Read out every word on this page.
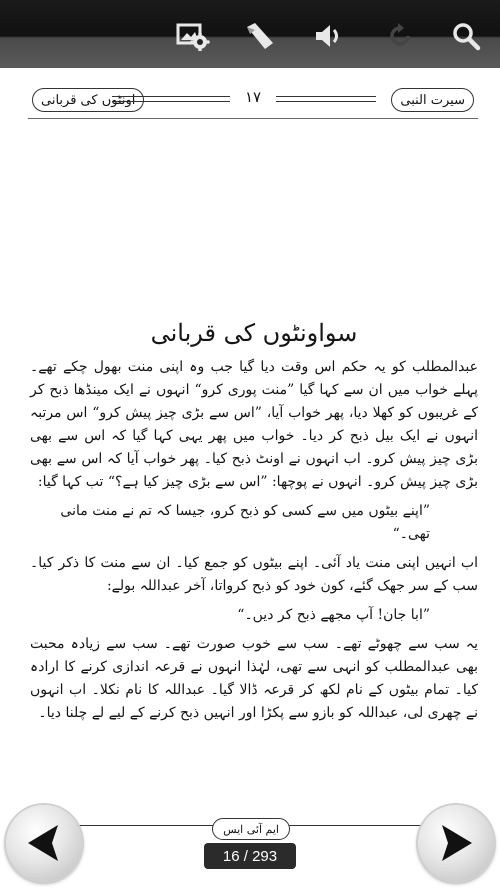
اونٹوں کی قربانی	۱۷	سیرت النبی
سواونٹوں کی قربانی

عبدالمطلب کو یہ حکم اس وقت دیا گیا جب وہ اپنی منت بھول چکے تھے۔ پہلے خواب میں ان سے کہا گیا ”منت پوری کرو“ انہوں نے ایک مینڈھا ذبح کر کے غریبوں کو کھلا دیا، پھر خواب آیا، ”اس سے بڑی چیز پیش کرو“ اس مرتبہ انہوں نے ایک بیل ذبح کر دیا۔ خواب میں پھر یہی کہا گیا کہ اس سے بھی بڑی چیز پیش کرو۔ اب انہوں نے اونٹ ذبح کیا۔ پھر خواب آیا کہ اس سے بھی بڑی چیز پیش کرو۔ انہوں نے پوچھا: ”اس سے بڑی چیز کیا ہے؟“ تب کہا گیا:

”اپنے بیٹوں میں سے کسی کو ذبح کرو، جیسا کہ تم نے منت مانی تھی۔“

اب انہیں اپنی منت یاد آئی۔ اپنے بیٹوں کو جمع کیا۔ ان سے منت کا ذکر کیا۔ سب کے سر جھک گئے، کون خود کو ذبح کرواتا، آخر عبداللہ بولے:

”ابا جان! آپ مجھے ذبح کر دیں۔“

یہ سب سے چھوٹے تھے۔ سب سے خوب صورت تھے۔ سب سے زیادہ محبت بھی عبدالمطلب کو انہی سے تھی، لہٰذا انہوں نے قرعہ اندازی کرنے کا ارادہ کیا۔ تمام بیٹوں کے نام لکھ کر قرعہ ڈالا گیا۔ عبداللہ کا نام نکلا۔ اب انہوں نے چھری لی، عبداللہ کو بازو سے پکڑا اور انہیں ذبح کرنے کے لیے لے چلنا دیا۔

ایم آئی ایس
16 / 293
